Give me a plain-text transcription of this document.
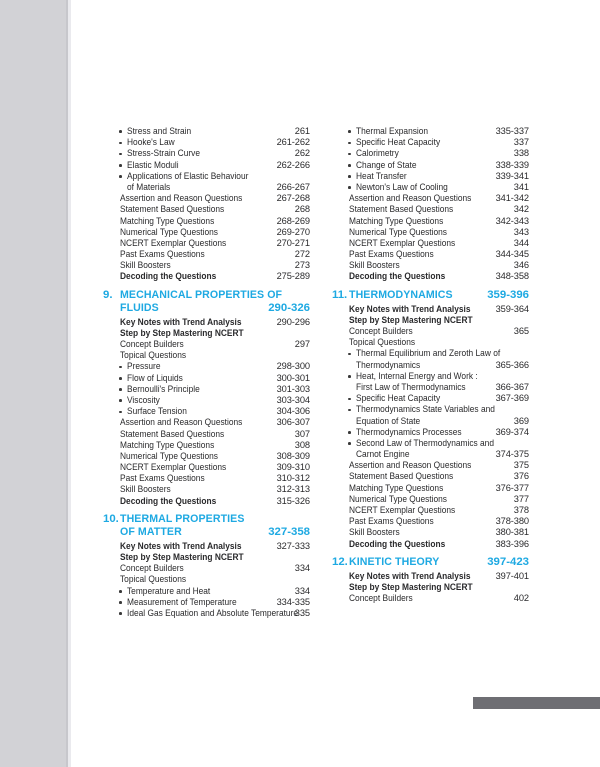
Stress and Strain	261
Hooke's Law	261-262
Stress-Strain Curve	262
Elastic Moduli	262-266
Applications of Elastic Behaviour
of Materials	266-267
Assertion and Reason Questions	267-268
Statement Based Questions	268
Matching Type Questions	268-269
Numerical Type Questions	269-270
NCERT Exemplar Questions	270-271
Past Exams Questions	272
Skill Boosters	273
Decoding the Questions	275-289
9. MECHANICAL PROPERTIES OF
FLUIDS	290-326
Key Notes with Trend Analysis	290-296
Step by Step Mastering NCERT
Concept Builders	297
Topical Questions
Pressure	298-300
Flow of Liquids	300-301
Bernoulli's Principle	301-303
Viscosity	303-304
Surface Tension	304-306
Assertion and Reason Questions	306-307
Statement Based Questions	307
Matching Type Questions	308
Numerical Type Questions	308-309
NCERT Exemplar Questions	309-310
Past Exams Questions	310-312
Skill Boosters	312-313
Decoding the Questions	315-326
10. THERMAL PROPERTIES
OF MATTER	327-358
Key Notes with Trend Analysis	327-333
Step by Step Mastering NCERT
Concept Builders	334
Topical Questions
Temperature and Heat	334
Measurement of Temperature	334-335
Ideal Gas Equation and Absolute Temperature
335
Thermal Expansion	335-337
Specific Heat Capacity	337
Calorimetry	338
Change of State	338-339
Heat Transfer	339-341
Newton's Law of Cooling	341
Assertion and Reason Questions	341-342
Statement Based Questions	342
Matching Type Questions	342-343
Numerical Type Questions	343
NCERT Exemplar Questions	344
Past Exams Questions	344-345
Skill Boosters	346
Decoding the Questions	348-358
11. THERMODYNAMICS	359-396
Key Notes with Trend Analysis	359-364
Step by Step Mastering NCERT
Concept Builders	365
Topical Questions
Thermal Equilibrium and Zeroth Law of
Thermodynamics	365-366
Heat, Internal Energy and Work :
First Law of Thermodynamics	366-367
Specific Heat Capacity	367-369
Thermodynamics State Variables and
Equation of State	369
Thermodynamics Processes	369-374
Second Law of Thermodynamics and
Carnot Engine	374-375
Assertion and Reason Questions	375
Statement Based Questions	376
Matching Type Questions	376-377
Numerical Type Questions	377
NCERT Exemplar Questions	378
Past Exams Questions	378-380
Skill Boosters	380-381
Decoding the Questions	383-396
12. KINETIC THEORY	397-423
Key Notes with Trend Analysis	397-401
Step by Step Mastering NCERT
Concept Builders	402
